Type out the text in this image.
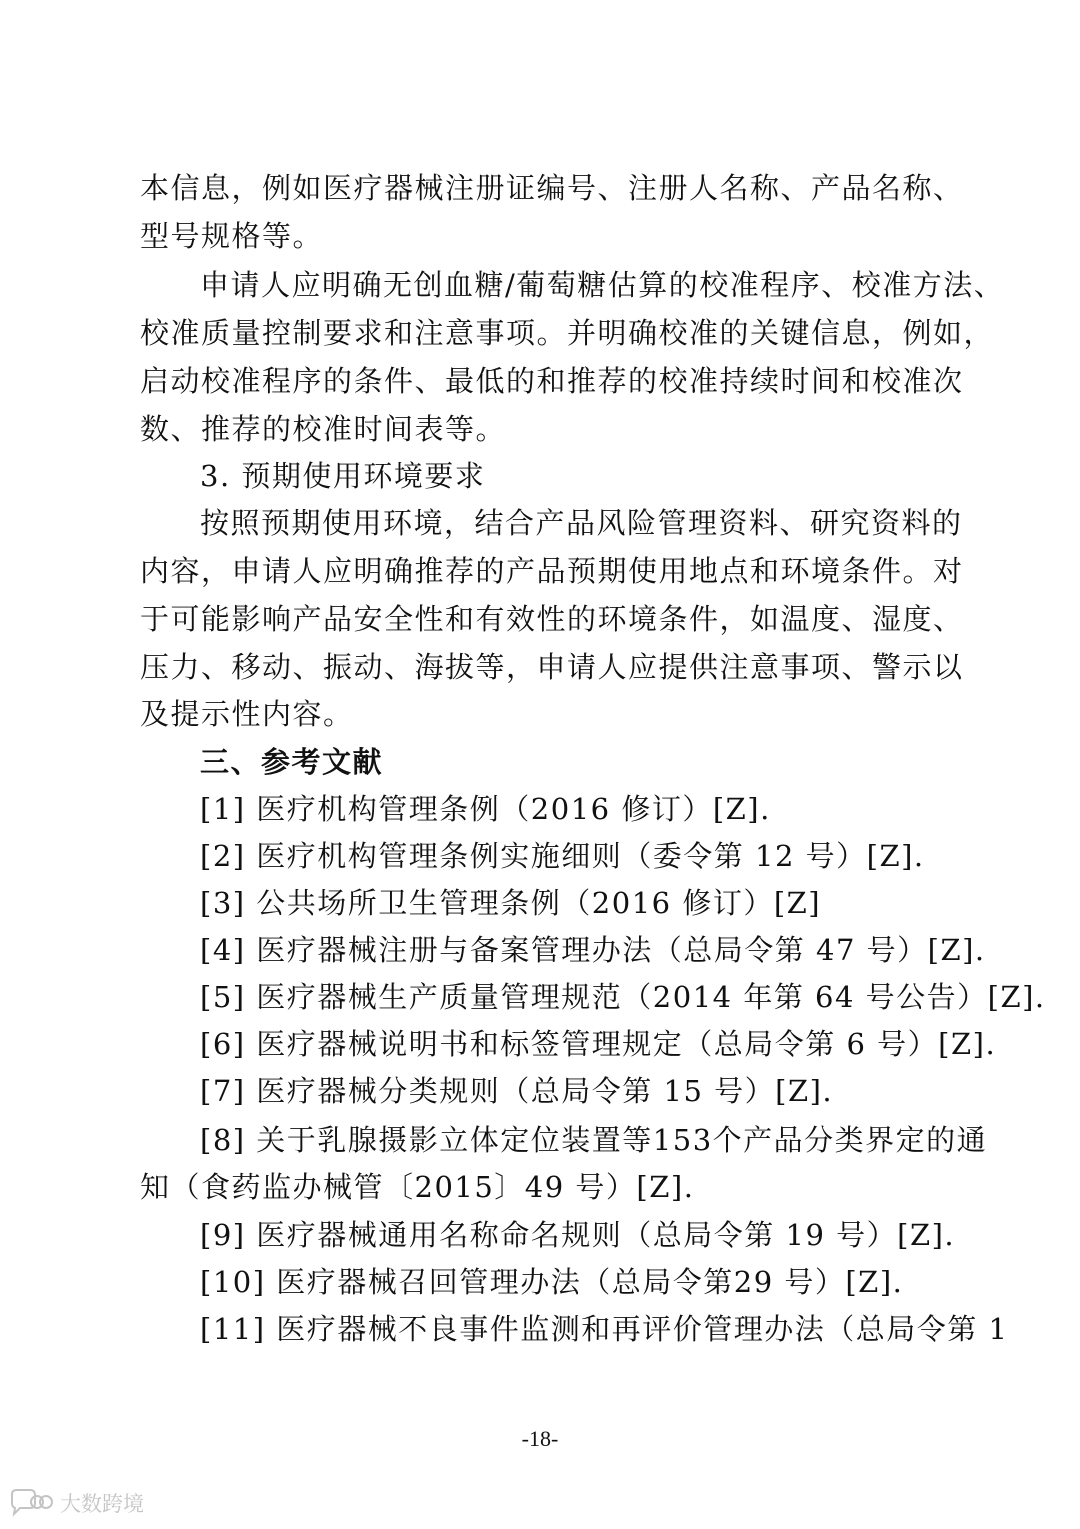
本信息，例如医疗器械注册证编号、注册人名称、产品名称、
型号规格等。
申请人应明确无创血糖/葡萄糖估算的校准程序、校准方法、
校准质量控制要求和注意事项。并明确校准的关键信息，例如，
启动校准程序的条件、最低的和推荐的校准持续时间和校准次
数、推荐的校准时间表等。
3. 预期使用环境要求
按照预期使用环境，结合产品风险管理资料、研究资料的
内容，申请人应明确推荐的产品预期使用地点和环境条件。对
于可能影响产品安全性和有效性的环境条件，如温度、湿度、
压力、移动、振动、海拔等，申请人应提供注意事项、警示以
及提示性内容。
三、参考文献
[1] 医疗机构管理条例（2016 修订）[Z].
[2] 医疗机构管理条例实施细则（委令第 12 号）[Z].
[3] 公共场所卫生管理条例（2016 修订）[Z]
[4] 医疗器械注册与备案管理办法（总局令第 47 号）[Z].
[5] 医疗器械生产质量管理规范（2014 年第 64 号公告）[Z].
[6] 医疗器械说明书和标签管理规定（总局令第 6 号）[Z].
[7] 医疗器械分类规则（总局令第 15 号）[Z].
[8] 关于乳腺摄影立体定位装置等153个产品分类界定的通
知（食药监办械管〔2015〕49 号）[Z].
[9] 医疗器械通用名称命名规则（总局令第 19 号）[Z].
[10] 医疗器械召回管理办法（总局令第29 号）[Z].
[11] 医疗器械不良事件监测和再评价管理办法（总局令第 1
-18-
大数跨境
